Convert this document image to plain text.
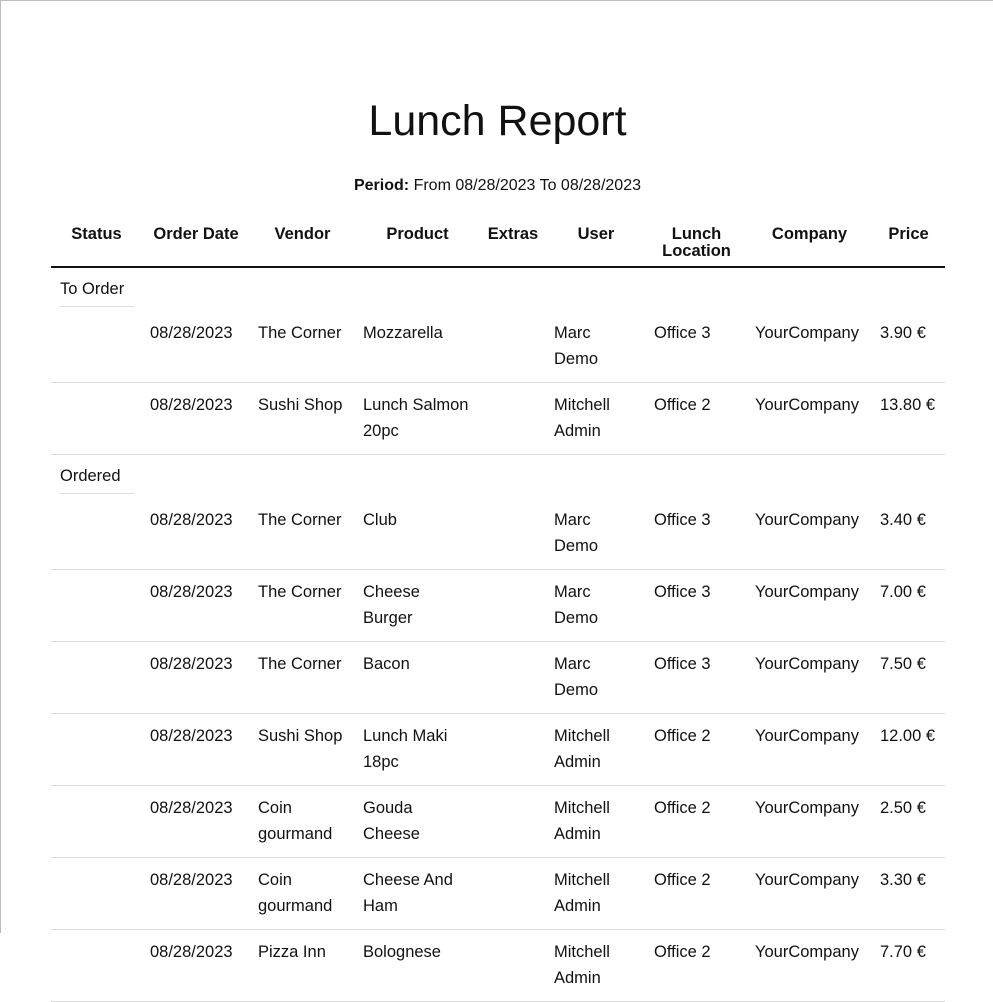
Lunch Report
Period: From 08/28/2023 To 08/28/2023
Status	Order Date	Vendor	Product	Extras	User	Lunch Location	Company	Price

To Order								

	08/28/2023	The Corner	Mozzarella		Marc Demo	Office 3	YourCompany	3.90 €
	08/28/2023	Sushi Shop	Lunch Salmon 20pc		Mitchell Admin	Office 2	YourCompany	13.80 €

Ordered								

	08/28/2023	The Corner	Club		Marc Demo	Office 3	YourCompany	3.40 €
	08/28/2023	The Corner	Cheese Burger		Marc Demo	Office 3	YourCompany	7.00 €
	08/28/2023	The Corner	Bacon		Marc Demo	Office 3	YourCompany	7.50 €
	08/28/2023	Sushi Shop	Lunch Maki 18pc		Mitchell Admin	Office 2	YourCompany	12.00 €
	08/28/2023	Coin gourmand	Gouda Cheese		Mitchell Admin	Office 2	YourCompany	2.50 €
	08/28/2023	Coin gourmand	Cheese And Ham		Mitchell Admin	Office 2	YourCompany	3.30 €
	08/28/2023	Pizza Inn	Bolognese		Mitchell Admin	Office 2	YourCompany	7.70 €
